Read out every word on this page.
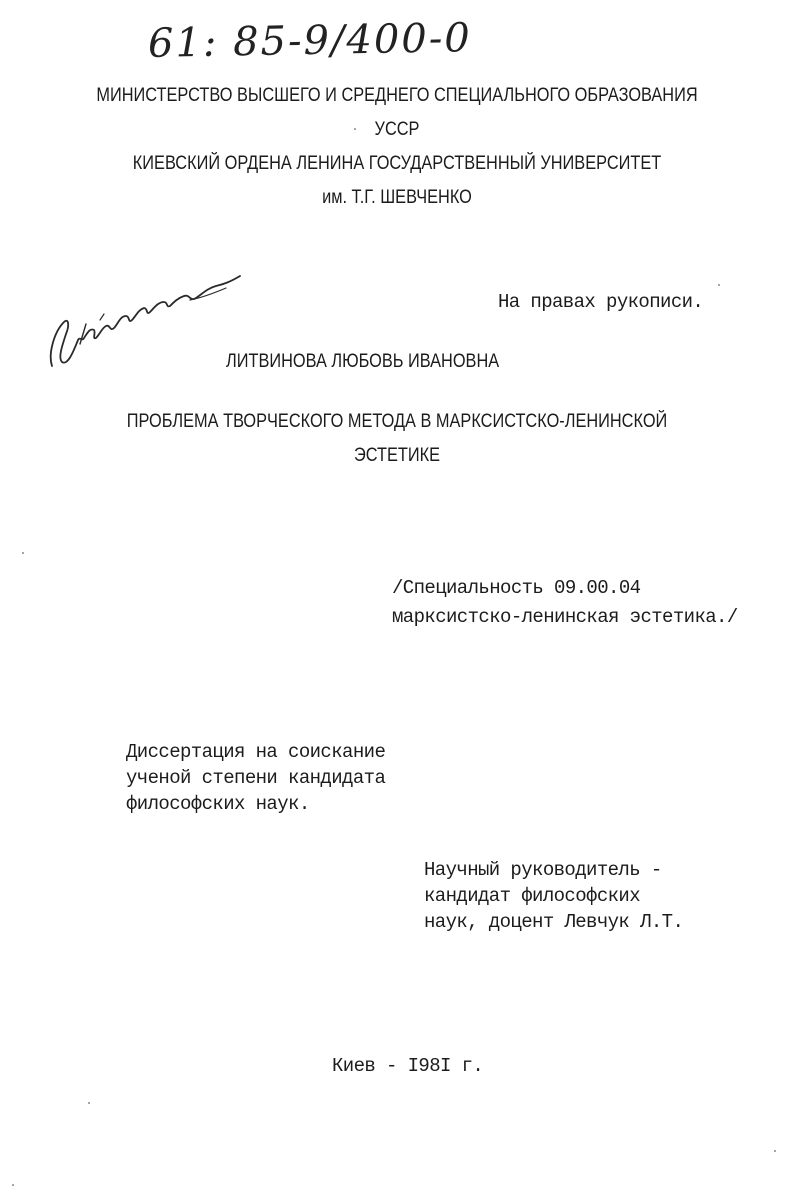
61: 85-9/400-0
МИНИСТЕРСТВО ВЫСШЕГО И СРЕДНЕГО СПЕЦИАЛЬНОГО ОБРАЗОВАНИЯ
УССР
КИЕВСКИЙ ОРДЕНА ЛЕНИНА ГОСУДАРСТВЕННЫЙ УНИВЕРСИТЕТ
им. Т.Г. ШЕВЧЕНКО
На правах рукописи.
ЛИТВИНОВА ЛЮБОВЬ ИВАНОВНА
ПРОБЛЕМА ТВОРЧЕСКОГО МЕТОДА В МАРКСИСТСКО-ЛЕНИНСКОЙ
ЭСТЕТИКЕ
/Специальность 09.00.04
марксистско-ленинская эстетика./
Диссертация на соискание
ученой степени кандидата
философских наук.
Научный руководитель -
кандидат философских
наук, доцент Левчук Л.Т.
Киев - I98I г.
